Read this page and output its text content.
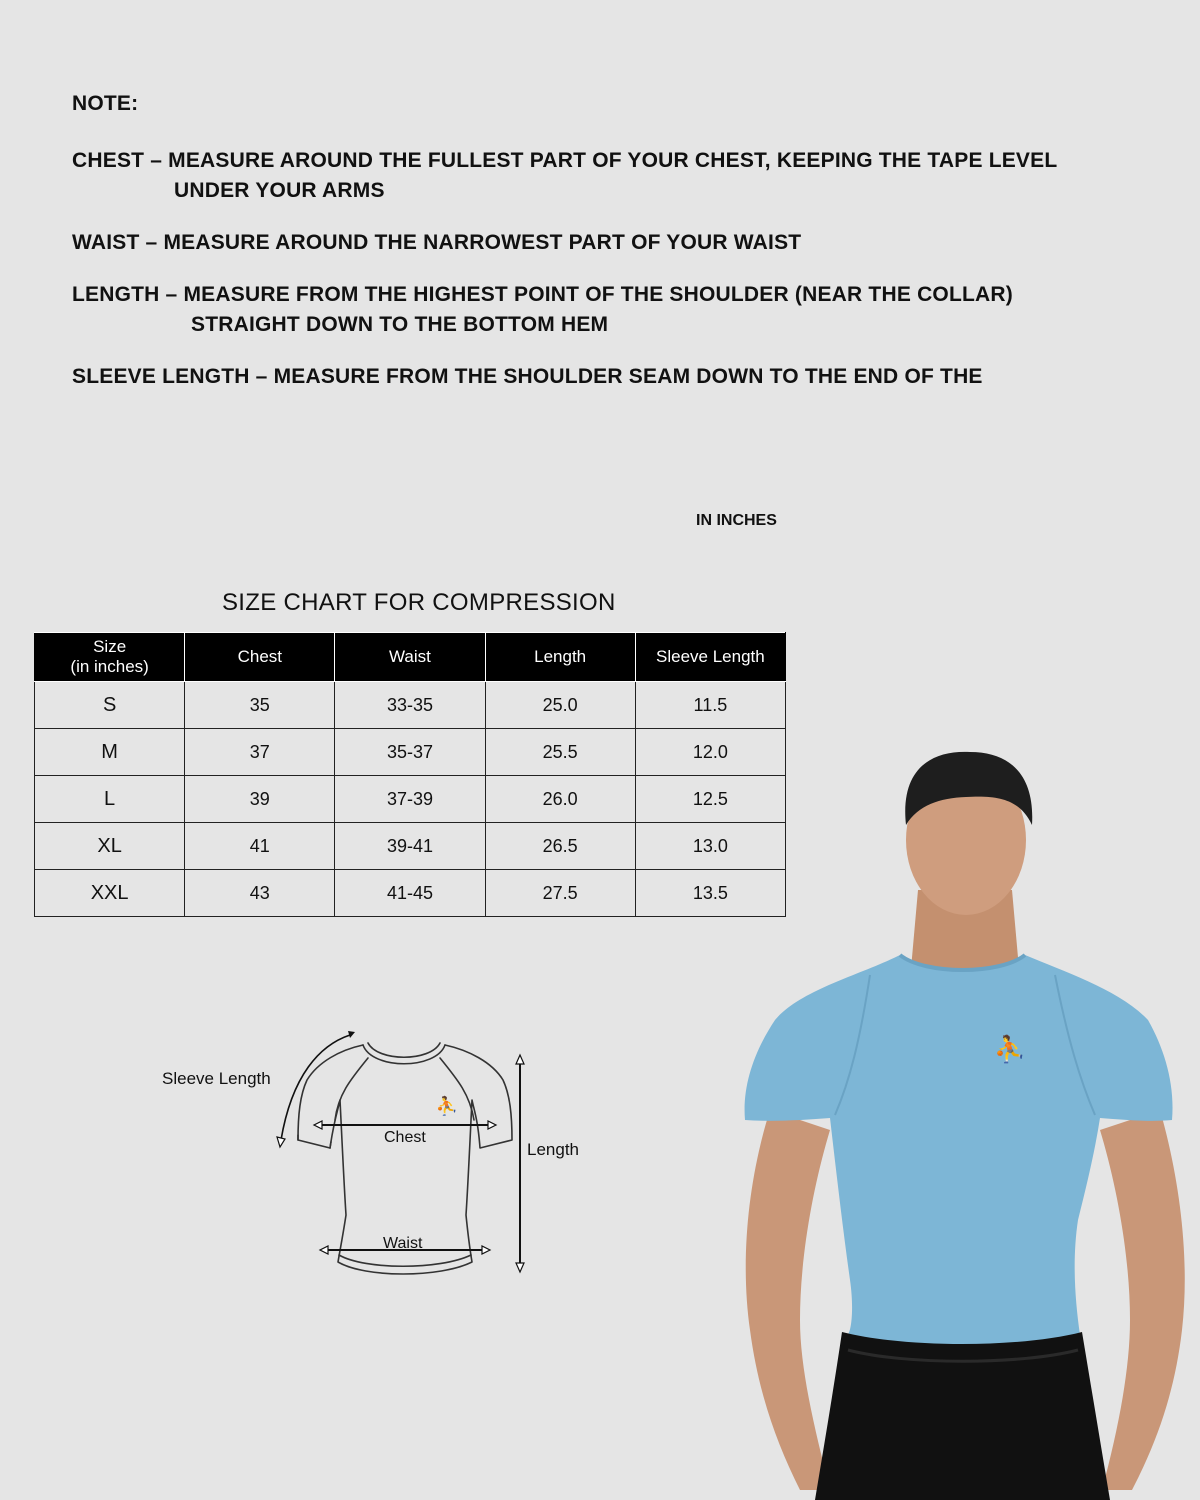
NOTE:
CHEST – MEASURE AROUND THE FULLEST PART OF YOUR CHEST, KEEPING THE TAPE LEVEL
UNDER YOUR ARMS
WAIST – MEASURE AROUND THE NARROWEST PART OF YOUR WAIST
LENGTH – MEASURE FROM THE HIGHEST POINT OF THE SHOULDER (NEAR THE COLLAR)
STRAIGHT DOWN TO THE BOTTOM HEM
SLEEVE LENGTH – MEASURE FROM THE SHOULDER SEAM DOWN TO THE END OF THE
IN INCHES
SIZE CHART FOR COMPRESSION
Size
(in inches)	Chest	Waist	Length	Sleeve Length
S	35	33-35	25.0	11.5
M	37	35-37	25.5	12.0
L	39	37-39	26.0	12.5
XL	41	39-41	26.5	13.0
XXL	43	41-45	27.5	13.5
⛹
Sleeve Length
Chest
Waist
Length
⛹
